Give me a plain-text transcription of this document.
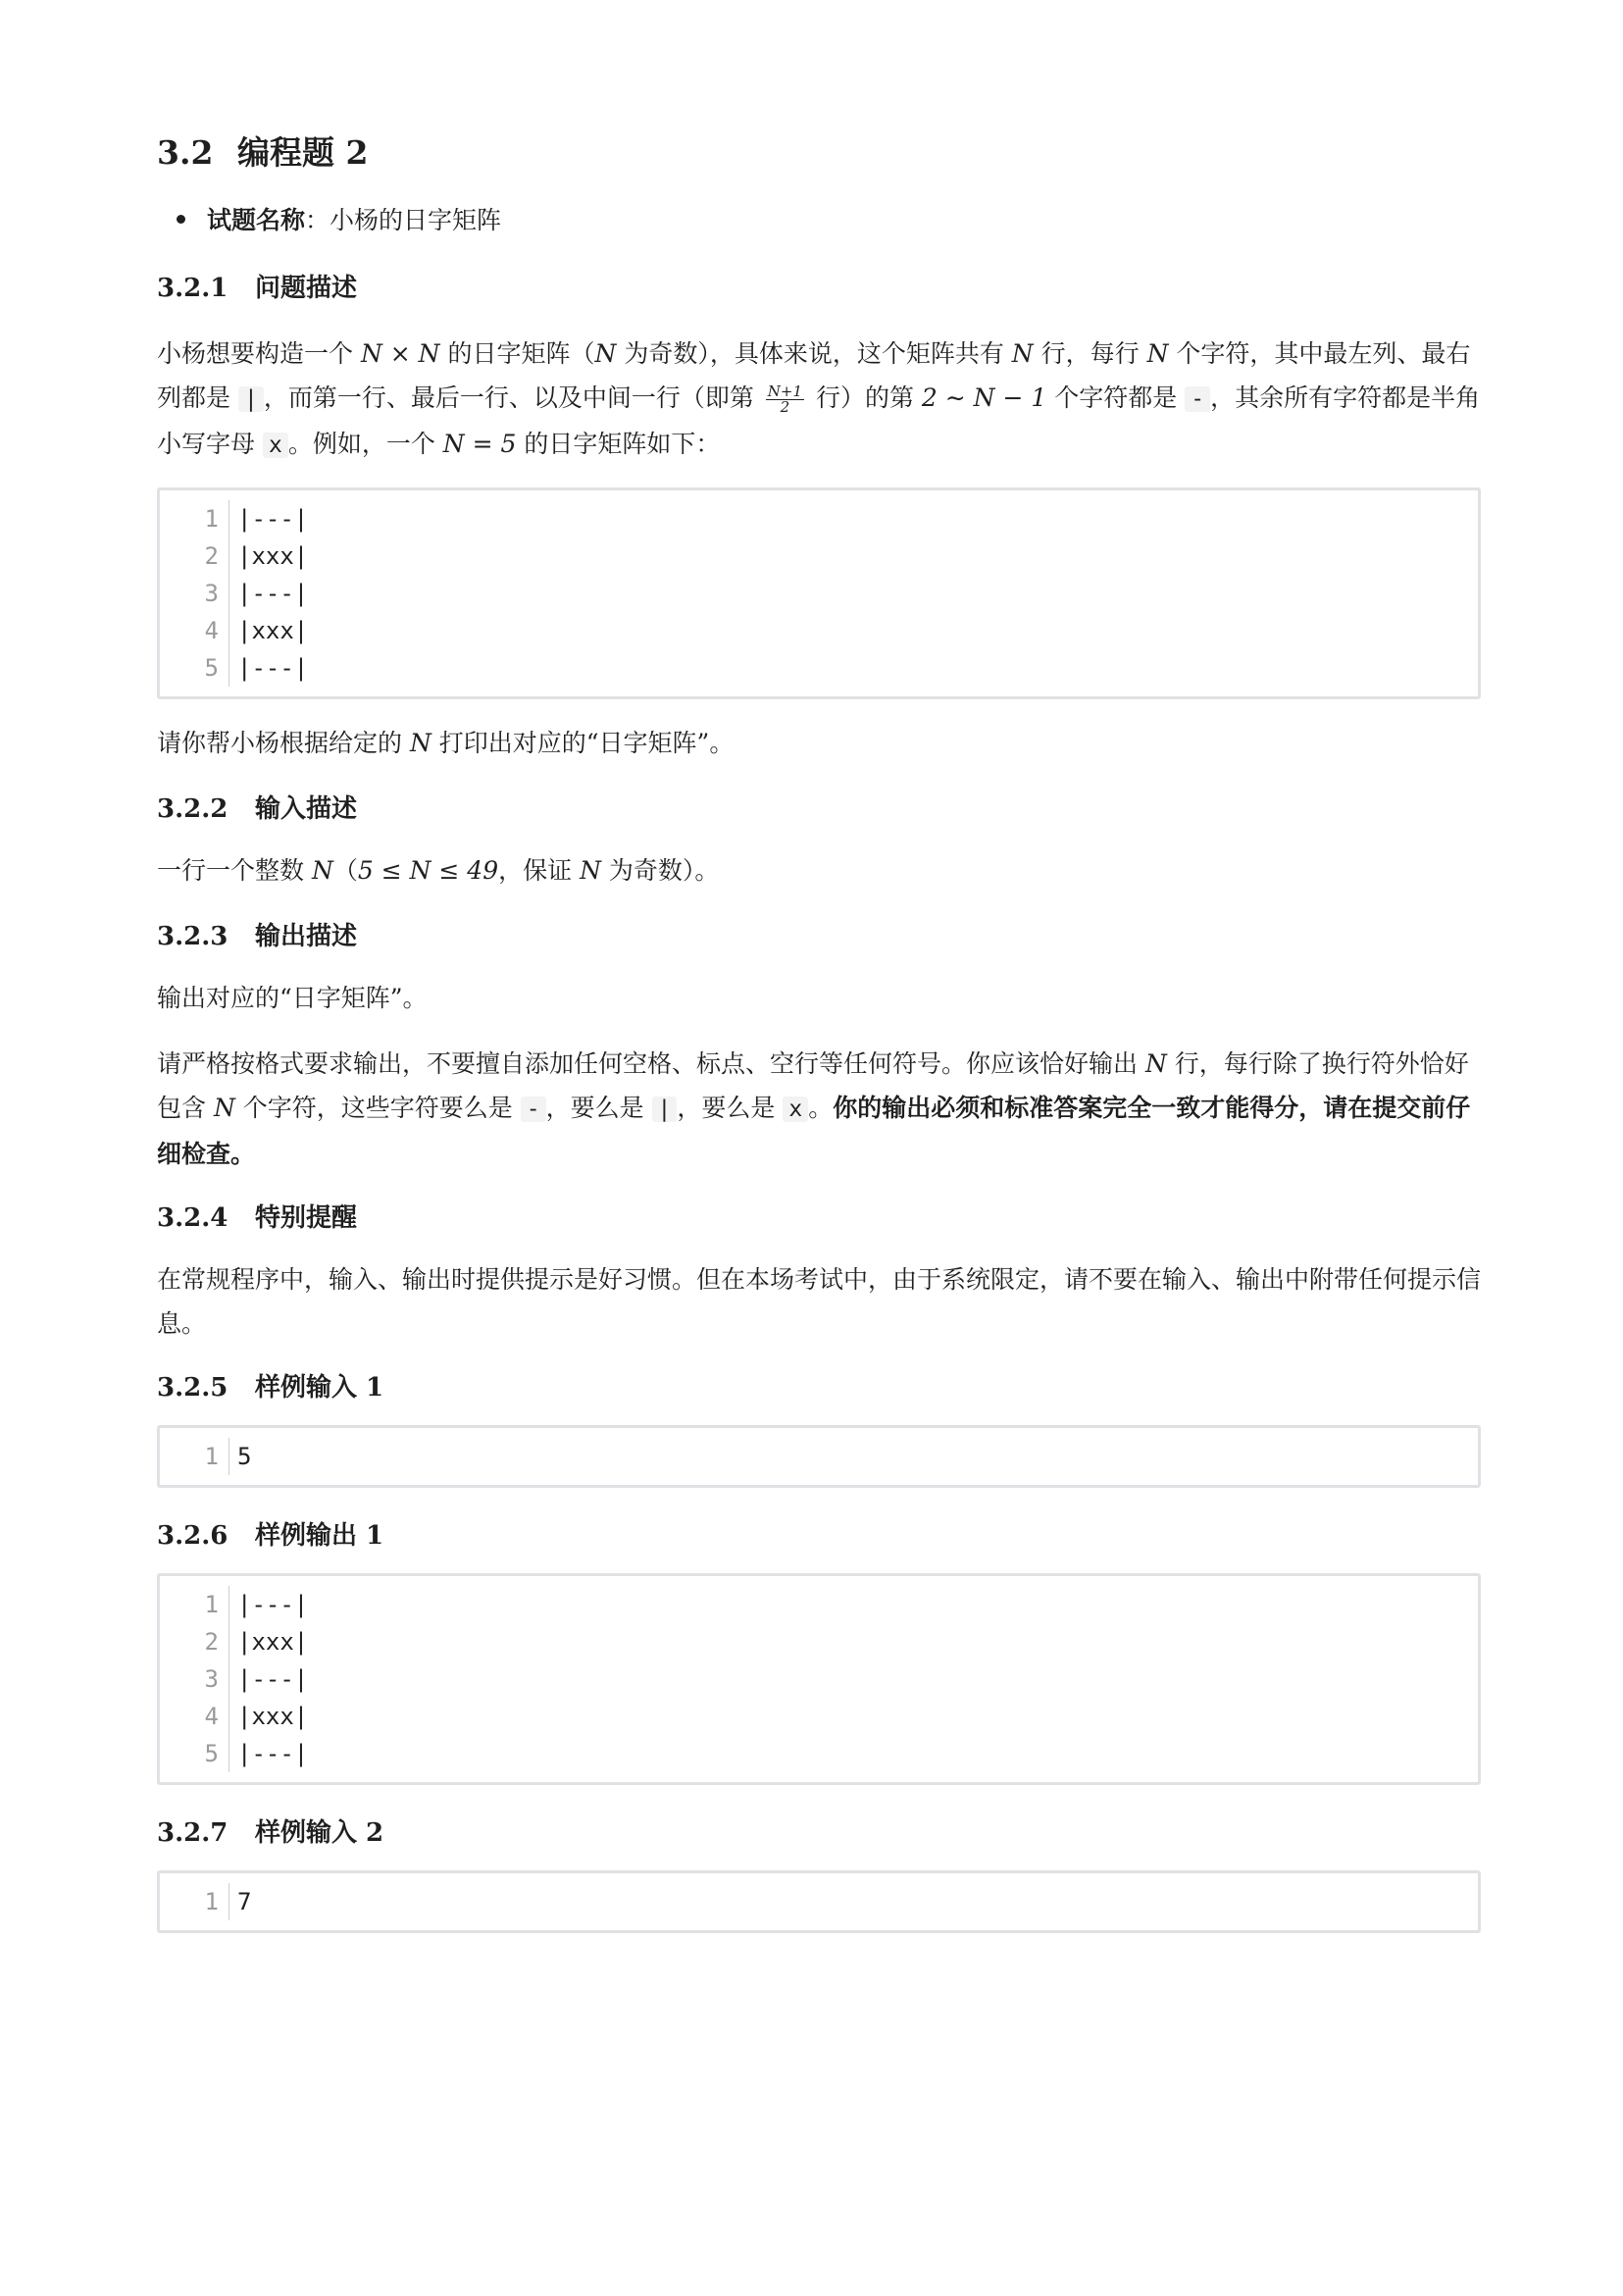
3.2 编程题 2
试题名称 ： 小杨的日字矩阵
3.2.1	问题描述

小杨想要构造一个 N × N 的日字矩阵（N 为奇数），具体来说，这个矩阵共有 N 行，每行 N 个字符，其中最左列、最右列都是 | ，而第一行、最后一行、以及中间一行（即第 $\frac{N+1}{2}$ 行）的第 2 ∼ N − 1 个字符都是 - ，其余所有字符都是半角小写字母 x 。例如，一个 N = 5 的日字矩阵如下：

1
2
3
4
5
|---|
|xxx|
|---|
|xxx|
|---|

请你帮小杨根据给定的 N 打印出对应的“日字矩阵”。

3.2.2	输入描述

一行一个整数 N（5 ≤ N ≤ 49，保证 N 为奇数）。

3.2.3	输出描述

输出对应的“日字矩阵”。

请严格按格式要求输出，不要擅自添加任何空格、标点、空行等任何符号。你应该恰好输出 N 行，每行除了换行符外恰好包含 N 个字符，这些字符要么是 - ，要么是 | ，要么是 x 。你的输出必须和标准答案完全一致才能得分，请在提交前仔细检查。

3.2.4	特别提醒

在常规程序中，输入、输出时提供提示是好习惯。但在本场考试中，由于系统限定，请不要在输入、输出中附带任何提示信息。

3.2.5	样例输入 1
1 5
3.2.6	样例输出 1
1
2
3
4
5
|---|
|xxx|
|---|
|xxx|
|---|
3.2.7	样例输入 2
1 7
